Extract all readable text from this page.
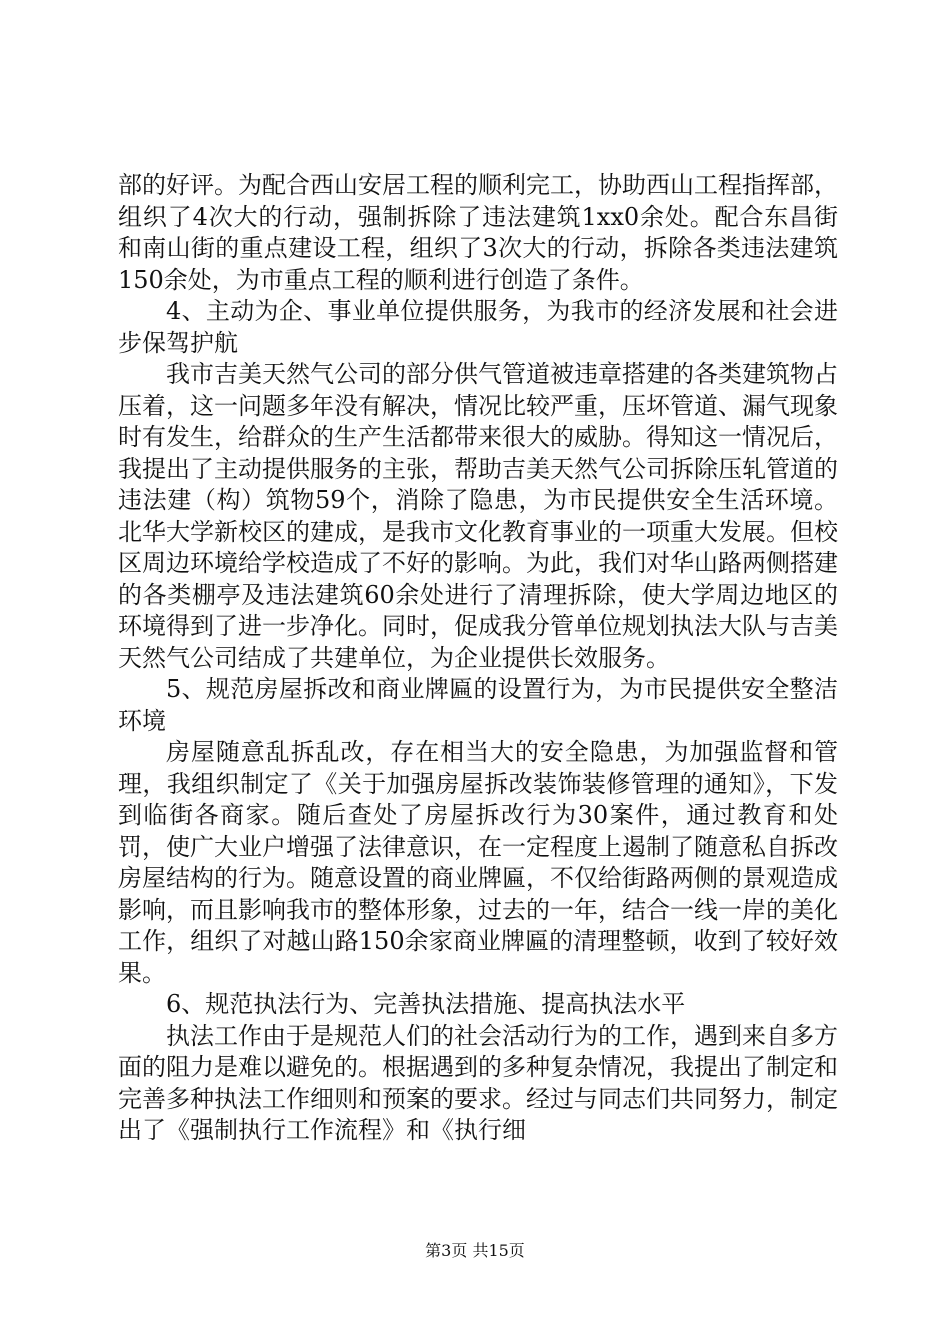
部的好评。为配合西山安居工程的顺利完工，协助西山工程指挥部，组织了4次大的行动，强制拆除了违法建筑1xx0余处。配合东昌街和南山街的重点建设工程，组织了3次大的行动，拆除各类违法建筑150余处，为市重点工程的顺利进行创造了条件。

4、主动为企、事业单位提供服务，为我市的经济发展和社会进步保驾护航

我市吉美天然气公司的部分供气管道被违章搭建的各类建筑物占压着，这一问题多年没有解决，情况比较严重，压坏管道、漏气现象时有发生，给群众的生产生活都带来很大的威胁。得知这一情况后，我提出了主动提供服务的主张，帮助吉美天然气公司拆除压轧管道的违法建（构）筑物59个，消除了隐患，为市民提供安全生活环境。北华大学新校区的建成，是我市文化教育事业的一项重大发展。但校区周边环境给学校造成了不好的影响。为此，我们对华山路两侧搭建的各类棚亭及违法建筑60余处进行了清理拆除，使大学周边地区的环境得到了进一步净化。同时，促成我分管单位规划执法大队与吉美天然气公司结成了共建单位，为企业提供长效服务。

5、规范房屋拆改和商业牌匾的设置行为，为市民提供安全整洁环境

房屋随意乱拆乱改，存在相当大的安全隐患，为加强监督和管理，我组织制定了《关于加强房屋拆改装饰装修管理的通知》，下发到临街各商家。随后查处了房屋拆改行为30案件，通过教育和处罚，使广大业户增强了法律意识，在一定程度上遏制了随意私自拆改房屋结构的行为。随意设置的商业牌匾，不仅给街路两侧的景观造成影响，而且影响我市的整体形象，过去的一年，结合一线一岸的美化工作，组织了对越山路150余家商业牌匾的清理整顿，收到了较好效果。

6、规范执法行为、完善执法措施、提高执法水平

执法工作由于是规范人们的社会活动行为的工作，遇到来自多方面的阻力是难以避免的。根据遇到的多种复杂情况，我提出了制定和完善多种执法工作细则和预案的要求。经过与同志们共同努力，制定出了《强制执行工作流程》和《执行细

第3页 共15页
